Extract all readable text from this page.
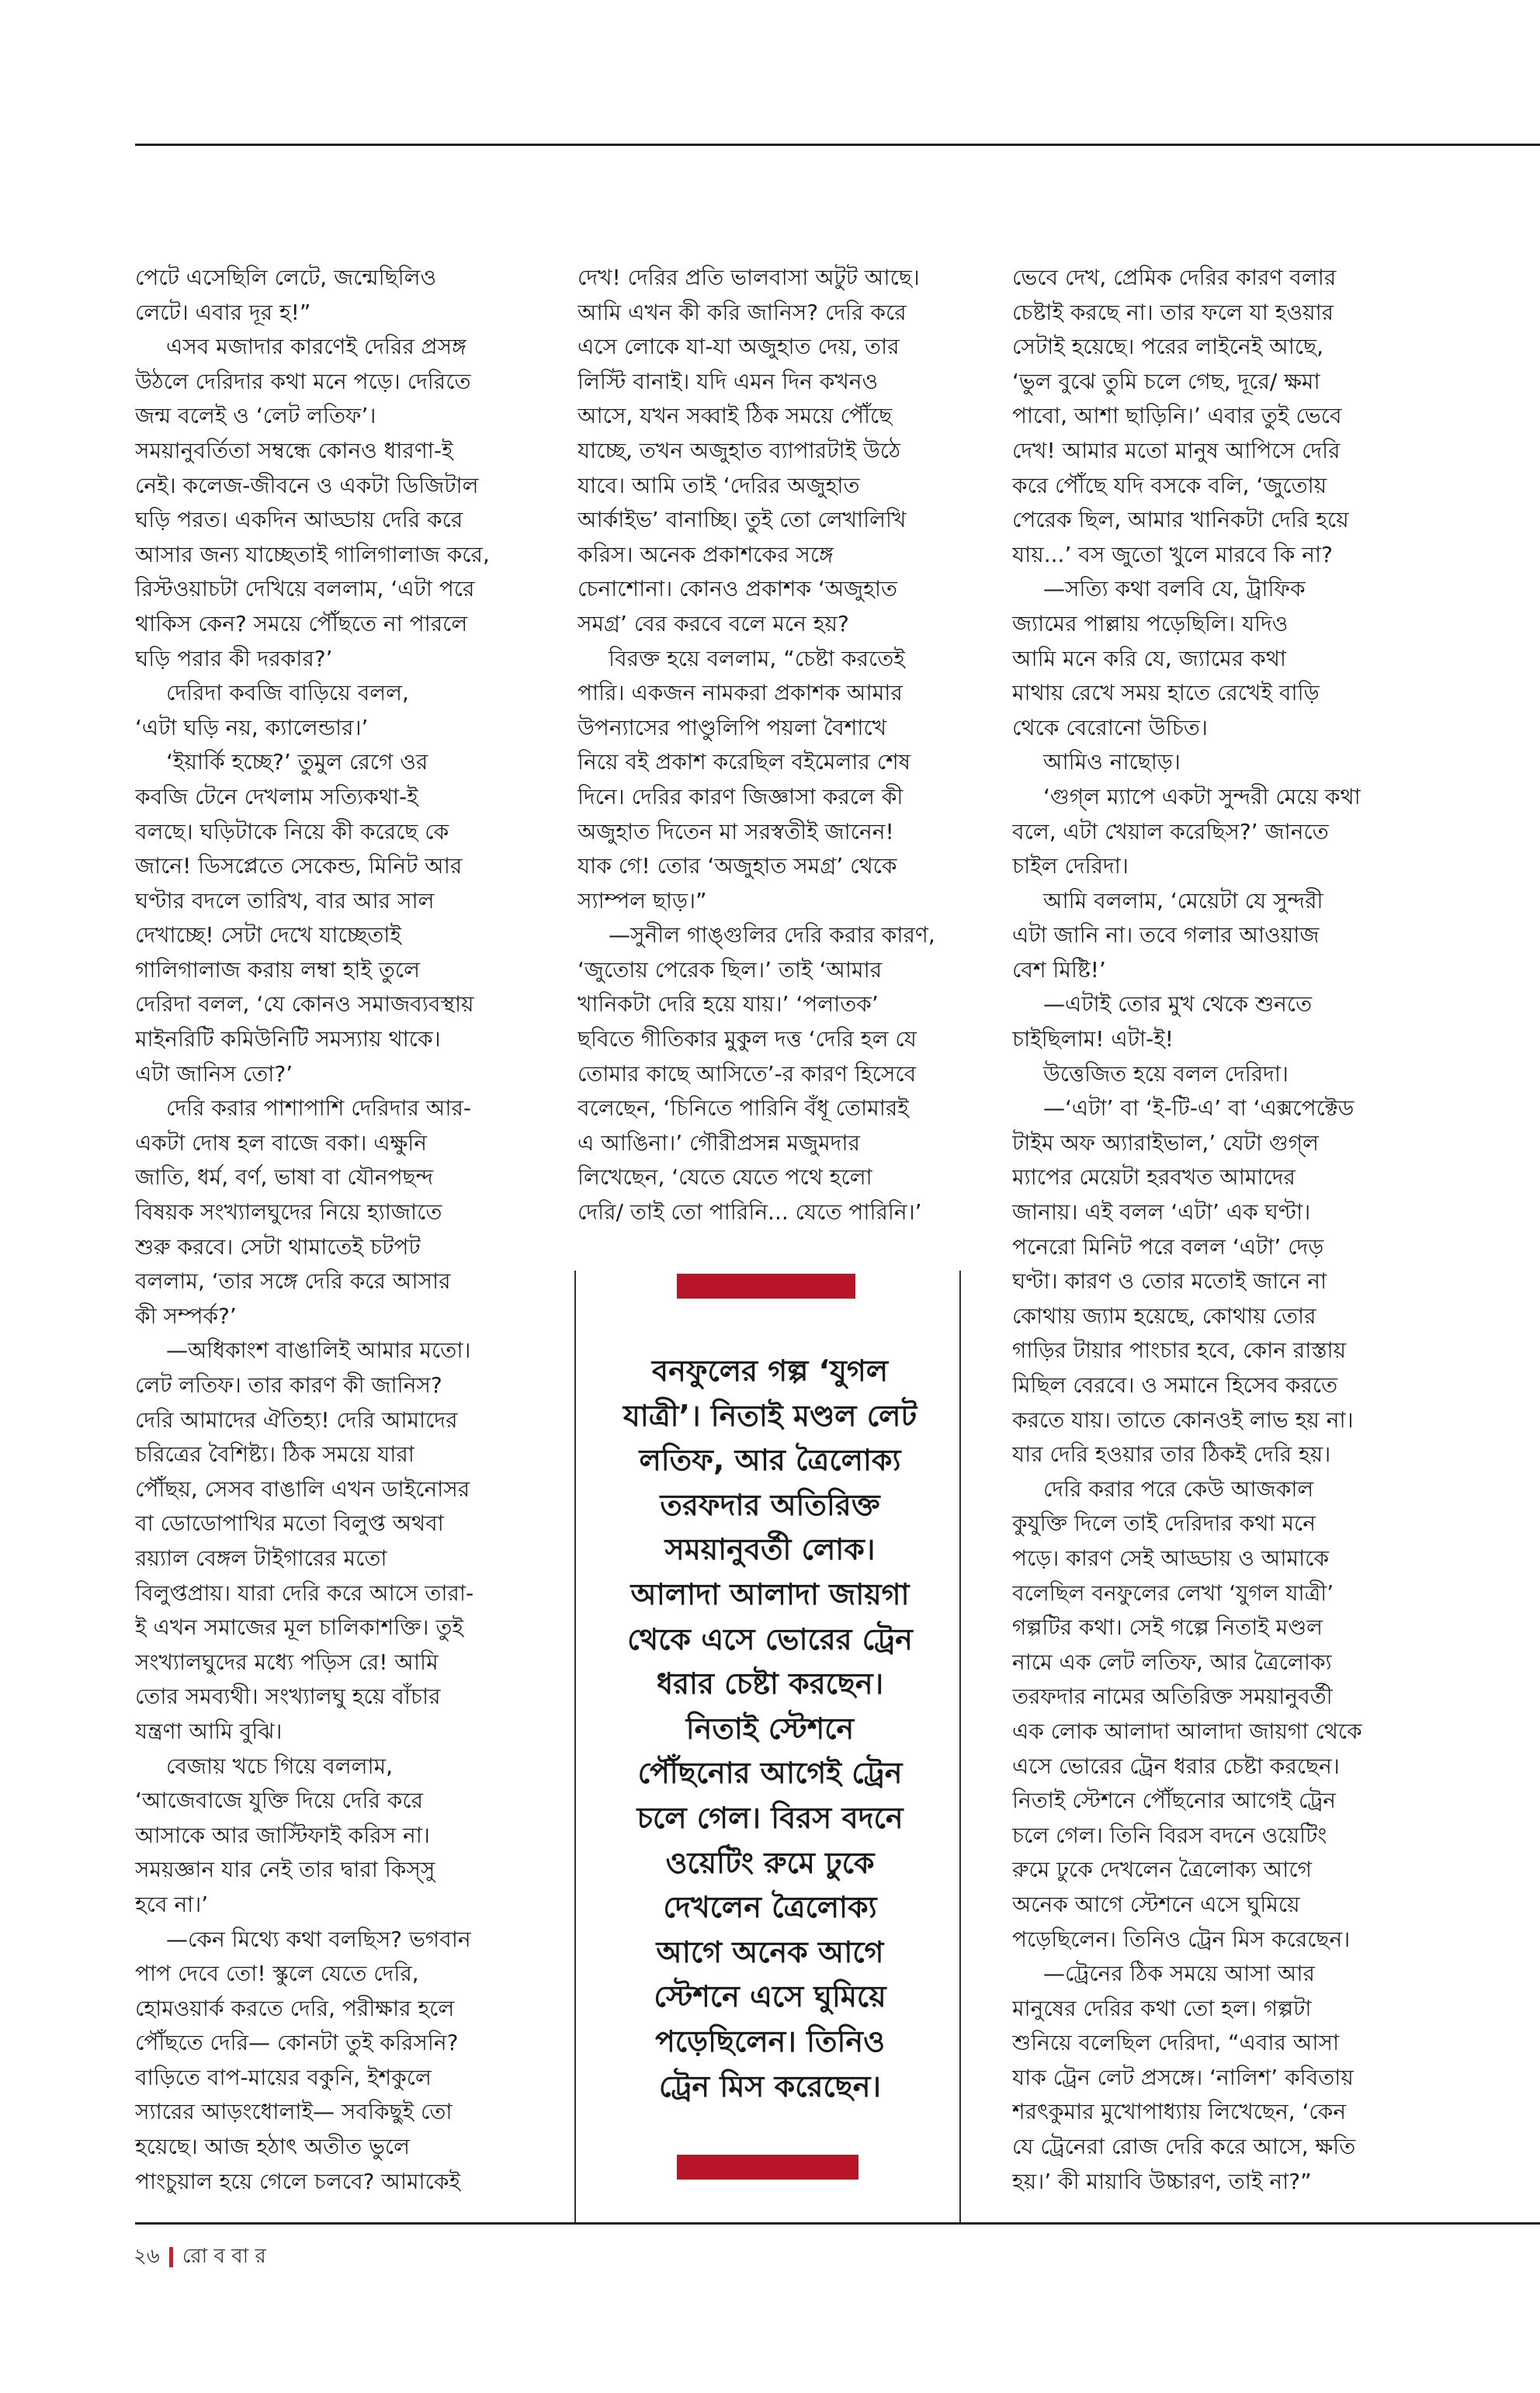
পেটে এসেছিলি লেটে, জন্মেছিলিও
লেটে। এবার দূর হ!”
এসব মজাদার কারণেই দেরির প্রসঙ্গ
উঠলে দেরিদার কথা মনে পড়ে। দেরিতে
জন্ম বলেই ও ‘লেট লতিফ’।
সময়ানুবর্তিতা সম্বন্ধে কোনও ধারণা-ই
নেই। কলেজ-জীবনে ও একটা ডিজিটাল
ঘড়ি পরত। একদিন আড্ডায় দেরি করে
আসার জন্য যাচ্ছেতাই গালিগালাজ করে,
রিস্টওয়াচটা দেখিয়ে বললাম, ‘এটা পরে
থাকিস কেন? সময়ে পৌঁছতে না পারলে
ঘড়ি পরার কী দরকার?’
দেরিদা কবজি বাড়িয়ে বলল,
‘এটা ঘড়ি নয়, ক্যালেন্ডার।’
‘ইয়ার্কি হচ্ছে?’ তুমুল রেগে ওর
কবজি টেনে দেখলাম সত্যিকথা-ই
বলছে। ঘড়িটাকে নিয়ে কী করেছে কে
জানে! ডিসপ্লেতে সেকেন্ড, মিনিট আর
ঘণ্টার বদলে তারিখ, বার আর সাল
দেখাচ্ছে! সেটা দেখে যাচ্ছেতাই
গালিগালাজ করায় লম্বা হাই তুলে
দেরিদা বলল, ‘যে কোনও সমাজব্যবস্থায়
মাইনরিটি কমিউনিটি সমস্যায় থাকে।
এটা জানিস তো?’
দেরি করার পাশাপাশি দেরিদার আর-
একটা দোষ হল বাজে বকা। এক্ষুনি
জাতি, ধর্ম, বর্ণ, ভাষা বা যৌনপছন্দ
বিষয়ক সংখ্যালঘুদের নিয়ে হ্যাজাতে
শুরু করবে। সেটা থামাতেই চটপট
বললাম, ‘তার সঙ্গে দেরি করে আসার
কী সম্পর্ক?’
—অধিকাংশ বাঙালিই আমার মতো।
লেট লতিফ। তার কারণ কী জানিস?
দেরি আমাদের ঐতিহ্য! দেরি আমাদের
চরিত্রের বৈশিষ্ট্য। ঠিক সময়ে যারা
পৌঁছয়, সেসব বাঙালি এখন ডাইনোসর
বা ডোডোপাখির মতো বিলুপ্ত অথবা
রয়্যাল বেঙ্গল টাইগারের মতো
বিলুপ্তপ্রায়। যারা দেরি করে আসে তারা-
ই এখন সমাজের মূল চালিকাশক্তি। তুই
সংখ্যালঘুদের মধ্যে পড়িস রে! আমি
তোর সমব্যথী। সংখ্যালঘু হয়ে বাঁচার
যন্ত্রণা আমি বুঝি।
বেজায় খচে গিয়ে বললাম,
‘আজেবাজে যুক্তি দিয়ে দেরি করে
আসাকে আর জাস্টিফাই করিস না।
সময়জ্ঞান যার নেই তার দ্বারা কিস্‌সু
হবে না।’
—কেন মিথ্যে কথা বলছিস? ভগবান
পাপ দেবে তো! স্কুলে যেতে দেরি,
হোমওয়ার্ক করতে দেরি, পরীক্ষার হলে
পৌঁছতে দেরি— কোনটা তুই করিসনি?
বাড়িতে বাপ-মায়ের বকুনি, ইশকুলে
স্যারের আড়ংধোলাই— সবকিছুই তো
হয়েছে। আজ হঠাৎ অতীত ভুলে
পাংচুয়াল হয়ে গেলে চলবে? আমাকেই
দেখ! দেরির প্রতি ভালবাসা অটুট আছে।
আমি এখন কী করি জানিস? দেরি করে
এসে লোকে যা-যা অজুহাত দেয়, তার
লিস্টি বানাই। যদি এমন দিন কখনও
আসে, যখন সব্বাই ঠিক সময়ে পৌঁছে
যাচ্ছে, তখন অজুহাত ব্যাপারটাই উঠে
যাবে। আমি তাই ‘দেরির অজুহাত
আর্কাইভ’ বানাচ্ছি। তুই তো লেখালিখি
করিস। অনেক প্রকাশকের সঙ্গে
চেনাশোনা। কোনও প্রকাশক ‘অজুহাত
সমগ্র’ বের করবে বলে মনে হয়?
বিরক্ত হয়ে বললাম, “চেষ্টা করতেই
পারি। একজন নামকরা প্রকাশক আমার
উপন্যাসের পাণ্ডুলিপি পয়লা বৈশাখে
নিয়ে বই প্রকাশ করেছিল বইমেলার শেষ
দিনে। দেরির কারণ জিজ্ঞাসা করলে কী
অজুহাত দিতেন মা সরস্বতীই জানেন!
যাক গে! তোর ‘অজুহাত সমগ্র’ থেকে
স্যাম্পল ছাড়।”
—সুনীল গাঙ্গুলির দেরি করার কারণ,
‘জুতোয় পেরেক ছিল।’ তাই ‘আমার
খানিকটা দেরি হয়ে যায়।’ ‘পলাতক’
ছবিতে গীতিকার মুকুল দত্ত ‘দেরি হল যে
তোমার কাছে আসিতে’-র কারণ হিসেবে
বলেছেন, ‘চিনিতে পারিনি বঁধূ তোমারই
এ আঙিনা।’ গৌরীপ্রসন্ন মজুমদার
লিখেছেন, ‘যেতে যেতে পথে হলো
দেরি/ তাই তো পারিনি... যেতে পারিনি।’
ভেবে দেখ, প্রেমিক দেরির কারণ বলার
চেষ্টাই করছে না। তার ফলে যা হওয়ার
সেটাই হয়েছে। পরের লাইনেই আছে,
‘ভুল বুঝে তুমি চলে গেছ, দূরে/ ক্ষমা
পাবো, আশা ছাড়িনি।’ এবার তুই ভেবে
দেখ! আমার মতো মানুষ আপিসে দেরি
করে পৌঁছে যদি বসকে বলি, ‘জুতোয়
পেরেক ছিল, আমার খানিকটা দেরি হয়ে
যায়...’ বস জুতো খুলে মারবে কি না?
—সত্যি কথা বলবি যে, ট্রাফিক
জ্যামের পাল্লায় পড়েছিলি। যদিও
আমি মনে করি যে, জ্যামের কথা
মাথায় রেখে সময় হাতে রেখেই বাড়ি
থেকে বেরোনো উচিত।
আমিও নাছোড়।
‘গুগ্‌ল ম্যাপে একটা সুন্দরী মেয়ে কথা
বলে, এটা খেয়াল করেছিস?’ জানতে
চাইল দেরিদা।
আমি বললাম, ‘মেয়েটা যে সুন্দরী
এটা জানি না। তবে গলার আওয়াজ
বেশ মিষ্টি!’
—এটাই তোর মুখ থেকে শুনতে
চাইছিলাম! এটা-ই!
উত্তেজিত হয়ে বলল দেরিদা।
—‘এটা’ বা ‘ই-টি-এ’ বা ‘এক্সপেক্টেড
টাইম অফ অ্যারাইভাল,’ যেটা গুগ্‌ল
ম্যাপের মেয়েটা হরবখত আমাদের
জানায়। এই বলল ‘এটা’ এক ঘণ্টা।
পনেরো মিনিট পরে বলল ‘এটা’ দেড়
ঘণ্টা। কারণ ও তোর মতোই জানে না
কোথায় জ্যাম হয়েছে, কোথায় তোর
গাড়ির টায়ার পাংচার হবে, কোন রাস্তায়
মিছিল বেরবে। ও সমানে হিসেব করতে
করতে যায়। তাতে কোনওই লাভ হয় না।
যার দেরি হওয়ার তার ঠিকই দেরি হয়।
দেরি করার পরে কেউ আজকাল
কুযুক্তি দিলে তাই দেরিদার কথা মনে
পড়ে। কারণ সেই আড্ডায় ও আমাকে
বলেছিল বনফুলের লেখা ‘যুগল যাত্রী’
গল্পটির কথা। সেই গল্পে নিতাই মণ্ডল
নামে এক লেট লতিফ, আর ত্রৈলোক্য
তরফদার নামের অতিরিক্ত সময়ানুবর্তী
এক লোক আলাদা আলাদা জায়গা থেকে
এসে ভোরের ট্রেন ধরার চেষ্টা করছেন।
নিতাই স্টেশনে পৌঁছনোর আগেই ট্রেন
চলে গেল। তিনি বিরস বদনে ওয়েটিং
রুমে ঢুকে দেখলেন ত্রৈলোক্য আগে
অনেক আগে স্টেশনে এসে ঘুমিয়ে
পড়েছিলেন। তিনিও ট্রেন মিস করেছেন।
—ট্রেনের ঠিক সময়ে আসা আর
মানুষের দেরির কথা তো হল। গল্পটা
শুনিয়ে বলেছিল দেরিদা, “এবার আসা
যাক ট্রেন লেট প্রসঙ্গে। ‘নালিশ’ কবিতায়
শরৎকুমার মুখোপাধ্যায় লিখেছেন, ‘কেন
যে ট্রেনেরা রোজ দেরি করে আসে, ক্ষতি
হয়।’ কী মায়াবি উচ্চারণ, তাই না?”
বনফুলের গল্প ‘যুগল
যাত্রী’। নিতাই মণ্ডল লেট
লতিফ, আর ত্রৈলোক্য
তরফদার অতিরিক্ত
সময়ানুবর্তী লোক।
আলাদা আলাদা জায়গা
থেকে এসে ভোরের ট্রেন
ধরার চেষ্টা করছেন।
নিতাই স্টেশনে
পৌঁছনোর আগেই ট্রেন
চলে গেল। বিরস বদনে
ওয়েটিং রুমে ঢুকে
দেখলেন ত্রৈলোক্য
আগে অনেক আগে
স্টেশনে এসে ঘুমিয়ে
পড়েছিলেন। তিনিও
ট্রেন মিস করেছেন।
২৬ রো ব বা র
